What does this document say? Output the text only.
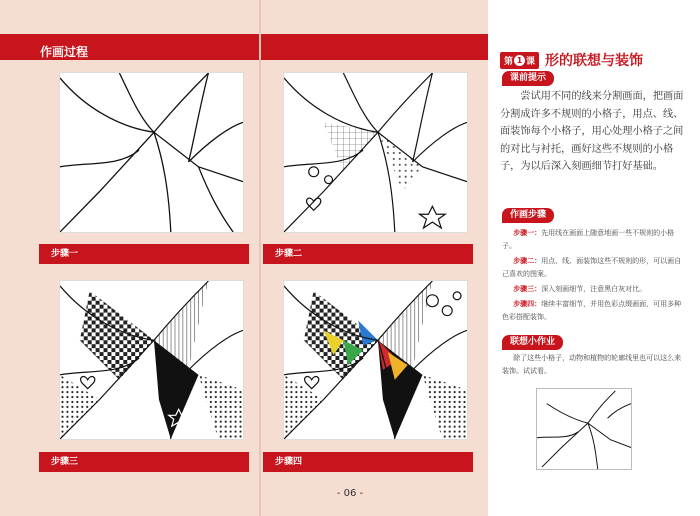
作画过程
步骤一	步骤二
步骤三	步骤四
第 1 课 形的联想与装饰
课前提示
尝试用不同的线来分割画面，把画面分割成许多不规则的小格子，用点、线、面装饰每个小格子，用心处理小格子之间的对比与衬托，画好这些不规则的小格子，为以后深入刻画细节打好基础。
作画步骤

步骤一：先用线在画面上随意地画一些不规则的小格子。

步骤二：用点、线、面装饰这些不规则的形，可以画自己喜欢的图案。

步骤三：深入刻画细节，注意黑白灰对比。

步骤四：继续丰富细节，并用色彩点缀画面，可用多种色彩搭配装饰。

联想小作业
除了这些小格子，动物和植物的轮廓线里也可以这么来装饰。试试看。
- 06 -
